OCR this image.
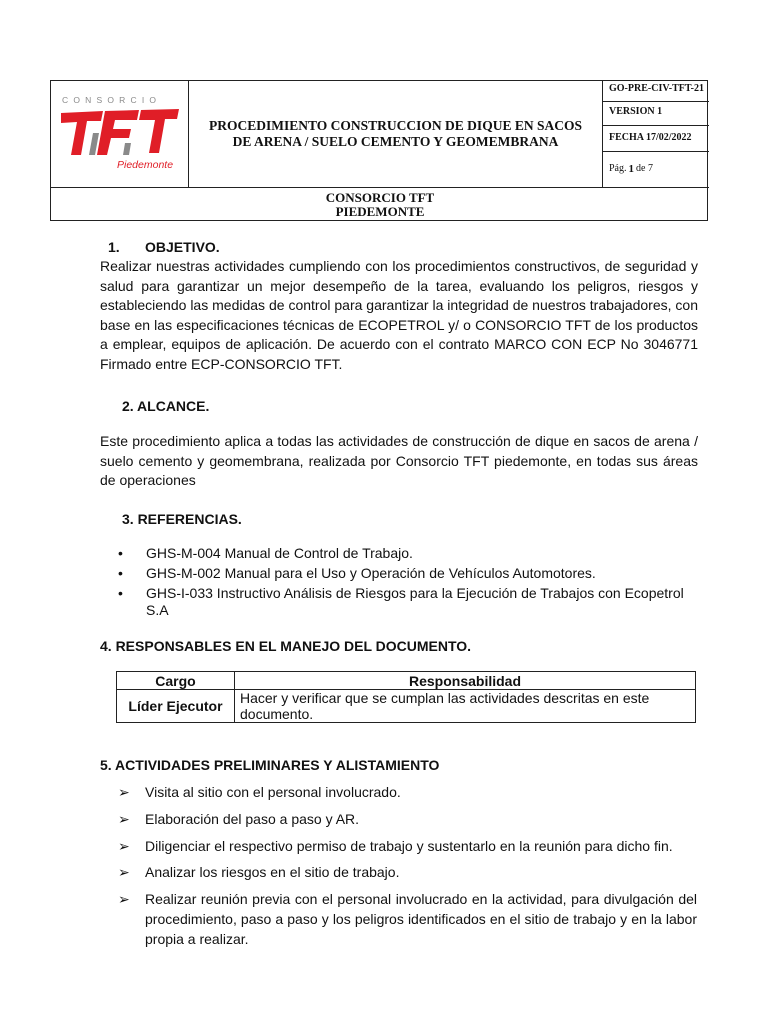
CONSORCIO
Piedemonte
PROCEDIMIENTO CONSTRUCCION DE DIQUE EN SACOS DE ARENA / SUELO CEMENTO Y GEOMEMBRANA
GO-PRE-CIV-TFT-21
VERSION 1
FECHA 17/02/2022
Pág. 1 de 7
CONSORCIO TFT
PIEDEMONTE
1. OBJETIVO.
Realizar nuestras actividades cumpliendo con los procedimientos constructivos, de seguridad y salud para garantizar un mejor desempeño de la tarea, evaluando los peligros, riesgos y estableciendo las medidas de control para garantizar la integridad de nuestros trabajadores, con base en las especificaciones técnicas de ECOPETROL y/ o CONSORCIO TFT de los productos a emplear, equipos de aplicación. De acuerdo con el contrato MARCO CON ECP No 3046771 Firmado entre ECP-CONSORCIO TFT.
2. ALCANCE.
Este procedimiento aplica a todas las actividades de construcción de dique en sacos de arena / suelo cemento y geomembrana, realizada por Consorcio TFT piedemonte, en todas sus áreas de operaciones
3. REFERENCIAS.
• GHS-M-004 Manual de Control de Trabajo.
• GHS-M-002 Manual para el Uso y Operación de Vehículos Automotores.
• GHS-I-033 Instructivo Análisis de Riesgos para la Ejecución de Trabajos con Ecopetrol S.A
4. RESPONSABLES EN EL MANEJO DEL DOCUMENTO.
Cargo	Responsabilidad
Líder Ejecutor	Hacer y verificar que se cumplan las actividades descritas en este documento.
5. ACTIVIDADES PRELIMINARES Y ALISTAMIENTO
➢ Visita al sitio con el personal involucrado.
➢ Elaboración del paso a paso y AR.
➢ Diligenciar el respectivo permiso de trabajo y sustentarlo en la reunión para dicho fin.
➢ Analizar los riesgos en el sitio de trabajo.
➢ Realizar reunión previa con el personal involucrado en la actividad, para divulgación del procedimiento, paso a paso y los peligros identificados en el sitio de trabajo y en la labor propia a realizar.
